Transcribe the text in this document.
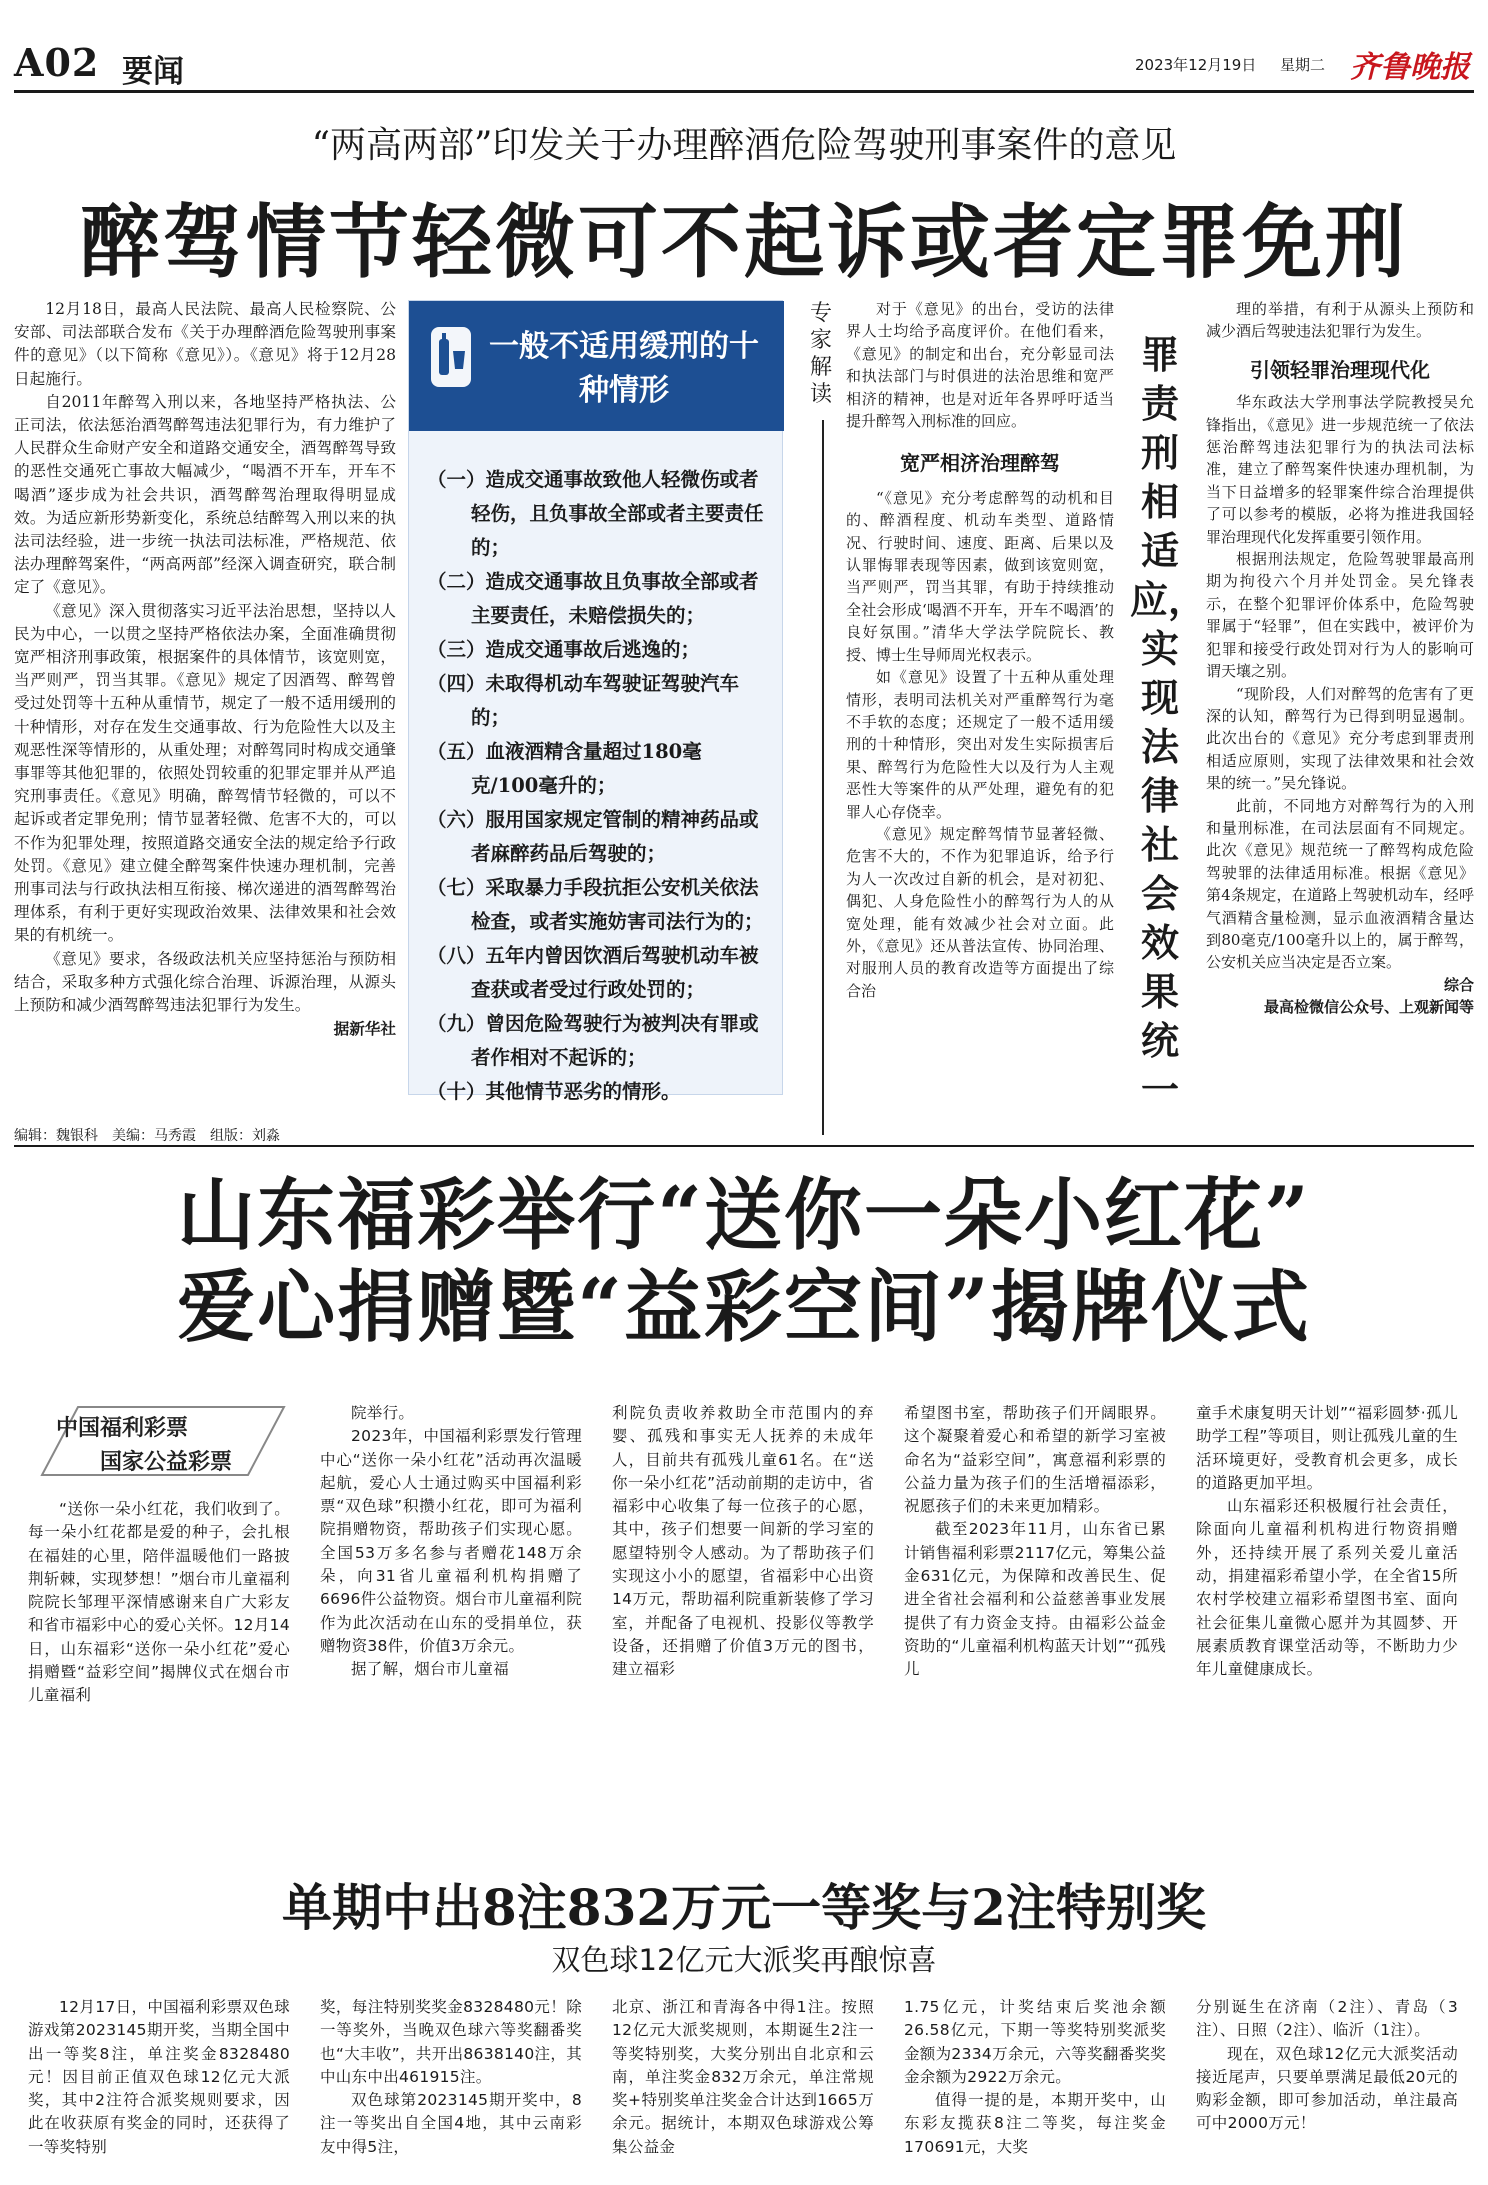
A02 要闻	2023年12月19日 星期二 齐鲁晚报
“两高两部”印发关于办理醉酒危险驾驶刑事案件的意见
醉驾情节轻微可不起诉或者定罪免刑

12月18日，最高人民法院、最高人民检察院、公安部、司法部联合发布《关于办理醉酒危险驾驶刑事案件的意见》（以下简称《意见》）。《意见》将于12月28日起施行。

自2011年醉驾入刑以来，各地坚持严格执法、公正司法，依法惩治酒驾醉驾违法犯罪行为，有力维护了人民群众生命财产安全和道路交通安全，酒驾醉驾导致的恶性交通死亡事故大幅减少，“喝酒不开车，开车不喝酒”逐步成为社会共识，酒驾醉驾治理取得明显成效。为适应新形势新变化，系统总结醉驾入刑以来的执法司法经验，进一步统一执法司法标准，严格规范、依法办理醉驾案件，“两高两部”经深入调查研究，联合制定了《意见》。

《意见》深入贯彻落实习近平法治思想，坚持以人民为中心，一以贯之坚持严格依法办案，全面准确贯彻宽严相济刑事政策，根据案件的具体情节，该宽则宽，当严则严，罚当其罪。《意见》规定了因酒驾、醉驾曾受过处罚等十五种从重情节，规定了一般不适用缓刑的十种情形，对存在发生交通事故、行为危险性大以及主观恶性深等情形的，从重处理；对醉驾同时构成交通肇事罪等其他犯罪的，依照处罚较重的犯罪定罪并从严追究刑事责任。《意见》明确，醉驾情节轻微的，可以不起诉或者定罪免刑；情节显著轻微、危害不大的，可以不作为犯罪处理，按照道路交通安全法的规定给予行政处罚。《意见》建立健全醉驾案件快速办理机制，完善刑事司法与行政执法相互衔接、梯次递进的酒驾醉驾治理体系，有利于更好实现政治效果、法律效果和社会效果的有机统一。

《意见》要求，各级政法机关应坚持惩治与预防相结合，采取多种方式强化综合治理、诉源治理，从源头上预防和减少酒驾醉驾违法犯罪行为发生。

据新华社

一般不适用缓刑的十种情形
（一）造成交通事故致他人轻微伤或者轻伤，且负事故全部或者主要责任的；
（二）造成交通事故且负事故全部或者主要责任，未赔偿损失的；
（三）造成交通事故后逃逸的；
（四）未取得机动车驾驶证驾驶汽车的；
（五）血液酒精含量超过180毫克/100毫升的；
（六）服用国家规定管制的精神药品或者麻醉药品后驾驶的；
（七）采取暴力手段抗拒公安机关依法检查，或者实施妨害司法行为的；
（八）五年内曾因饮酒后驾驶机动车被查获或者受过行政处罚的；
（九）曾因危险驾驶行为被判决有罪或者作相对不起诉的；
（十）其他情节恶劣的情形。
专家解读

对于《意见》的出台，受访的法律界人士均给予高度评价。在他们看来，《意见》的制定和出台，充分彰显司法和执法部门与时俱进的法治思维和宽严相济的精神，也是对近年各界呼吁适当提升醉驾入刑标准的回应。

宽严相济治理醉驾

“《意见》充分考虑醉驾的动机和目的、醉酒程度、机动车类型、道路情况、行驶时间、速度、距离、后果以及认罪悔罪表现等因素，做到该宽则宽，当严则严，罚当其罪，有助于持续推动全社会形成‘喝酒不开车，开车不喝酒’的良好氛围。”清华大学法学院院长、教授、博士生导师周光权表示。

如《意见》设置了十五种从重处理情形，表明司法机关对严重醉驾行为毫不手软的态度；还规定了一般不适用缓刑的十种情形，突出对发生实际损害后果、醉驾行为危险性大以及行为人主观恶性大等案件的从严处理，避免有的犯罪人心存侥幸。

《意见》规定醉驾情节显著轻微、危害不大的，不作为犯罪追诉，给予行为人一次改过自新的机会，是对初犯、偶犯、人身危险性小的醉驾行为人的从宽处理，能有效减少社会对立面。此外，《意见》还从普法宣传、协同治理、对服刑人员的教育改造等方面提出了综合治

罪责刑相适应，实现法律社会效果统一

理的举措，有利于从源头上预防和减少酒后驾驶违法犯罪行为发生。

引领轻罪治理现代化

华东政法大学刑事法学院教授吴允锋指出，《意见》进一步规范统一了依法惩治醉驾违法犯罪行为的执法司法标准，建立了醉驾案件快速办理机制，为当下日益增多的轻罪案件综合治理提供了可以参考的模版，必将为推进我国轻罪治理现代化发挥重要引领作用。

根据刑法规定，危险驾驶罪最高刑期为拘役六个月并处罚金。吴允锋表示，在整个犯罪评价体系中，危险驾驶罪属于“轻罪”，但在实践中，被评价为犯罪和接受行政处罚对行为人的影响可谓天壤之别。

“现阶段，人们对醉驾的危害有了更深的认知，醉驾行为已得到明显遏制。此次出台的《意见》充分考虑到罪责刑相适应原则，实现了法律效果和社会效果的统一。”吴允锋说。

此前，不同地方对醉驾行为的入刑和量刑标准，在司法层面有不同规定。此次《意见》规范统一了醉驾构成危险驾驶罪的法律适用标准。根据《意见》第4条规定，在道路上驾驶机动车，经呼气酒精含量检测，显示血液酒精含量达到80毫克/100毫升以上的，属于醉驾，公安机关应当决定是否立案。

综合

最高检微信公众号、上观新闻等

编辑：魏银科　美编：马秀霞　组版：刘淼
山东福彩举行“送你一朵小红花”
爱心捐赠暨“益彩空间”揭牌仪式
中国福利彩票
国家公益彩票
“送你一朵小红花，我们收到了。每一朵小红花都是爱的种子，会扎根在福娃的心里，陪伴温暖他们一路披荆斩棘，实现梦想！”烟台市儿童福利院院长邹理平深情感谢来自广大彩友和省市福彩中心的爱心关怀。12月14日，山东福彩“送你一朵小红花”爱心捐赠暨“益彩空间”揭牌仪式在烟台市儿童福利

院举行。

2023年，中国福利彩票发行管理中心“送你一朵小红花”活动再次温暖起航，爱心人士通过购买中国福利彩票“双色球”积攒小红花，即可为福利院捐赠物资，帮助孩子们实现心愿。全国53万多名参与者赠花148万余朵，向31省儿童福利机构捐赠了6696件公益物资。烟台市儿童福利院作为此次活动在山东的受捐单位，获赠物资38件，价值3万余元。

据了解，烟台市儿童福

利院负责收养救助全市范围内的弃婴、孤残和事实无人抚养的未成年人，目前共有孤残儿童61名。在“送你一朵小红花”活动前期的走访中，省福彩中心收集了每一位孩子的心愿，其中，孩子们想要一间新的学习室的愿望特别令人感动。为了帮助孩子们实现这小小的愿望，省福彩中心出资14万元，帮助福利院重新装修了学习室，并配备了电视机、投影仪等教学设备，还捐赠了价值3万元的图书，建立福彩

希望图书室，帮助孩子们开阔眼界。这个凝聚着爱心和希望的新学习室被命名为“益彩空间”，寓意福利彩票的公益力量为孩子们的生活增福添彩，祝愿孩子们的未来更加精彩。

截至2023年11月，山东省已累计销售福利彩票2117亿元，筹集公益金631亿元，为保障和改善民生、促进全省社会福利和公益慈善事业发展提供了有力资金支持。由福彩公益金资助的“儿童福利机构蓝天计划”“孤残儿

童手术康复明天计划”“福彩圆梦·孤儿助学工程”等项目，则让孤残儿童的生活环境更好，受教育机会更多，成长的道路更加平坦。

山东福彩还积极履行社会责任，除面向儿童福利机构进行物资捐赠外，还持续开展了系列关爱儿童活动，捐建福彩希望小学，在全省15所农村学校建立福彩希望图书室、面向社会征集儿童微心愿并为其圆梦、开展素质教育课堂活动等，不断助力少年儿童健康成长。

单期中出8注832万元一等奖与2注特别奖
双色球12亿元大派奖再酿惊喜
12月17日，中国福利彩票双色球游戏第2023145期开奖，当期全国中出一等奖8注，单注奖金8328480元！因目前正值双色球12亿元大派奖，其中2注符合派奖规则要求，因此在收获原有奖金的同时，还获得了一等奖特别

奖，每注特别奖奖金8328480元！除一等奖外，当晚双色球六等奖翻番奖也“大丰收”，共开出8638140注，其中山东中出461915注。

双色球第2023145期开奖中，8注一等奖出自全国4地，其中云南彩友中得5注，

北京、浙江和青海各中得1注。按照12亿元大派奖规则，本期诞生2注一等奖特别奖，大奖分别出自北京和云南，单注奖金832万余元，单注常规奖+特别奖单注奖金合计达到1665万余元。据统计，本期双色球游戏公筹集公益金

1.75亿元，计奖结束后奖池余额26.58亿元，下期一等奖特别奖派奖金额为2334万余元，六等奖翻番奖奖金余额为2922万余元。

值得一提的是，本期开奖中，山东彩友揽获8注二等奖，每注奖金170691元，大奖

分别诞生在济南（2注）、青岛（3注）、日照（2注）、临沂（1注）。

现在，双色球12亿元大派奖活动接近尾声，只要单票满足最低20元的购彩金额，即可参加活动，单注最高可中2000万元！
